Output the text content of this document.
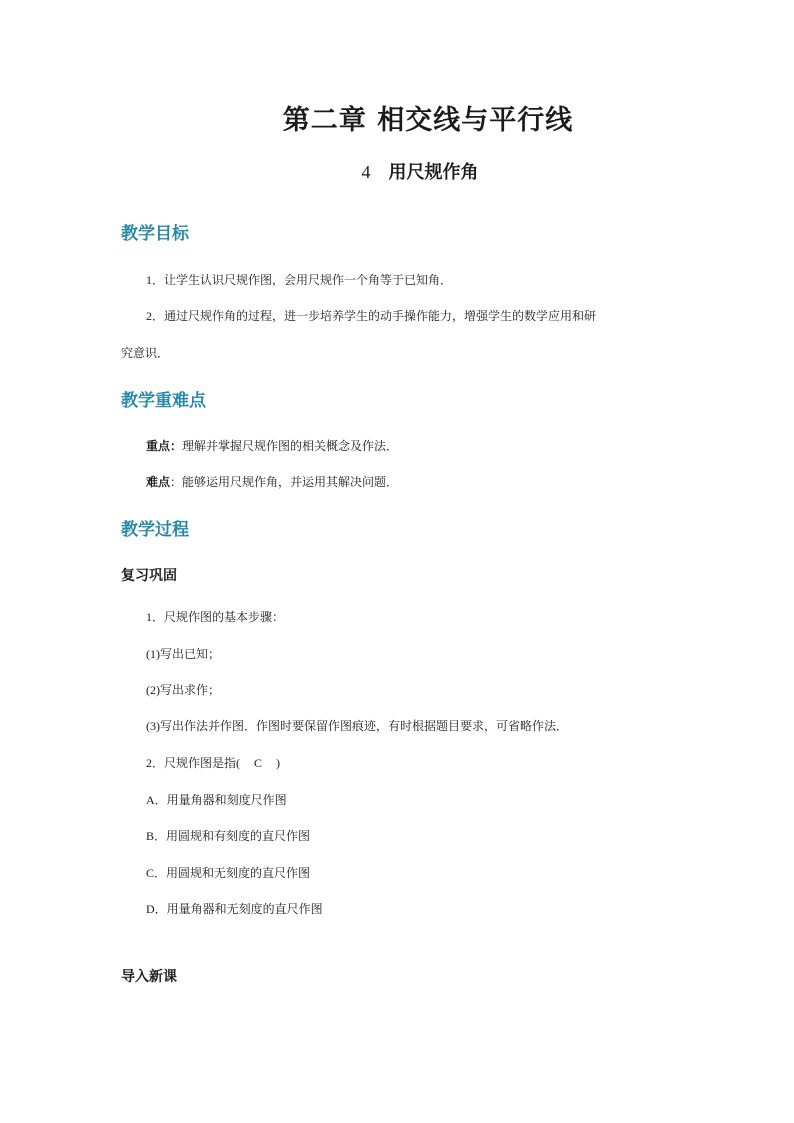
第二章 相交线与平行线
4 用尺规作角
教学目标
1．让学生认识尺规作图，会用尺规作一个角等于已知角．
2．通过尺规作角的过程，进一步培养学生的动手操作能力，增强学生的数学应用和研
究意识．
教学重难点
重点：理解并掌握尺规作图的相关概念及作法．
难点：能够运用尺规作角，并运用其解决问题．
教学过程
复习巩固
1．尺规作图的基本步骤：
(1)写出已知；
(2)写出求作；
(3)写出作法并作图．作图时要保留作图痕迹，有时根据题目要求，可省略作法．
2．尺规作图是指( C )
A．用量角器和刻度尺作图
B．用圆规和有刻度的直尺作图
C．用圆规和无刻度的直尺作图
D．用量角器和无刻度的直尺作图
导入新课
